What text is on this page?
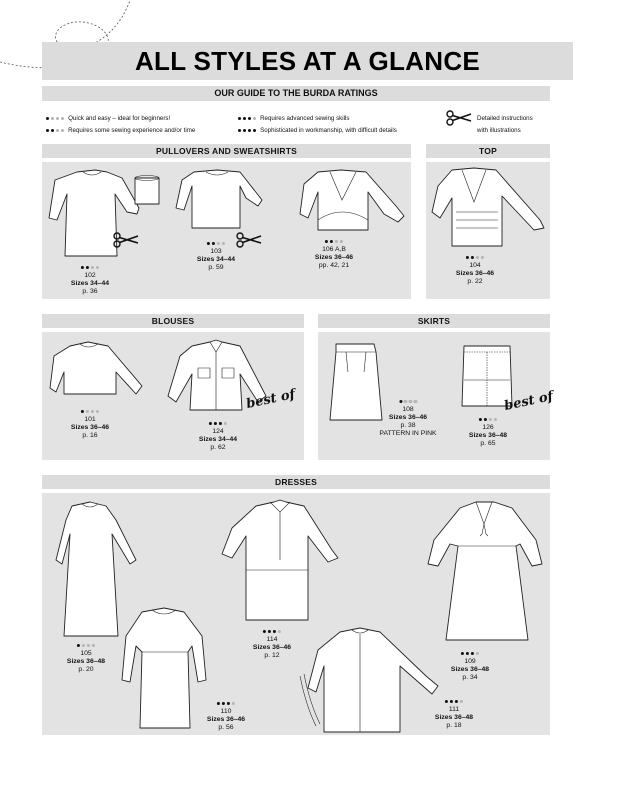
ALL STYLES AT A GLANCE
OUR GUIDE TO THE BURDA RATINGS
Quick and easy – ideal for beginners!
Requires some sewing experience and/or time
Requires advanced sewing skills
Sophisticated in workmanship, with difficult details
Detailed instructions
with illustrations
PULLOVERS AND SWEATSHIRTS	TOP
102
Sizes 34–44
p. 36
103
Sizes 34–44
p. 59
106 A,B
Sizes 36–46
pp. 42, 21	104
Sizes 36–46
p. 22
BLOUSES
101
Sizes 36–46
p. 16
best of
124
Sizes 34–44
p. 62
SKIRTS
108
Sizes 36–46
p. 38
PATTERN IN PINK
best of
126
Sizes 36–48
p. 65
DRESSES
105
Sizes 36–48
p. 20
110
Sizes 36–46
p. 56
114
Sizes 36–46
p. 12
111
Sizes 36–48
p. 18
109
Sizes 36–48
p. 34
